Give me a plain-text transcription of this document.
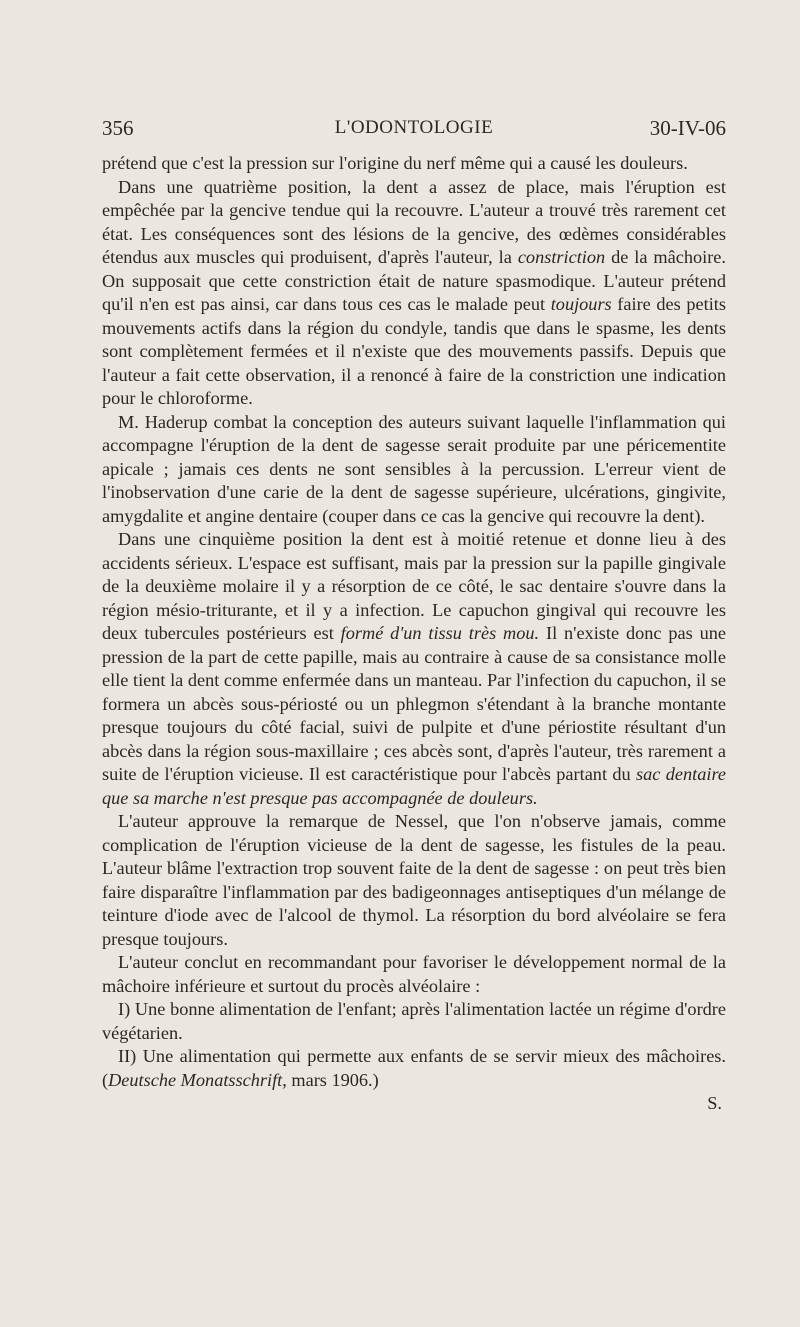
356	L'ODONTOLOGIE	30-IV-06

prétend que c'est la pression sur l'origine du nerf même qui a causé les douleurs.

Dans une quatrième position, la dent a assez de place, mais l'éruption est empêchée par la gencive tendue qui la recouvre. L'auteur a trouvé très rarement cet état. Les conséquences sont des lésions de la gencive, des œdèmes considérables étendus aux muscles qui produisent, d'après l'auteur, la constriction de la mâchoire. On supposait que cette constriction était de nature spasmodique. L'auteur prétend qu'il n'en est pas ainsi, car dans tous ces cas le malade peut toujours faire des petits mouvements actifs dans la région du condyle, tandis que dans le spasme, les dents sont complètement fermées et il n'existe que des mouvements passifs. Depuis que l'auteur a fait cette observation, il a renoncé à faire de la constriction une indication pour le chloroforme.

M. Haderup combat la conception des auteurs suivant laquelle l'inflammation qui accompagne l'éruption de la dent de sagesse serait produite par une péricementite apicale ; jamais ces dents ne sont sensibles à la percussion. L'erreur vient de l'inobservation d'une carie de la dent de sagesse supérieure, ulcérations, gingivite, amygdalite et angine dentaire (couper dans ce cas la gencive qui recouvre la dent).

Dans une cinquième position la dent est à moitié retenue et donne lieu à des accidents sérieux. L'espace est suffisant, mais par la pression sur la papille gingivale de la deuxième molaire il y a résorption de ce côté, le sac dentaire s'ouvre dans la région mésio-triturante, et il y a infection. Le capuchon gingival qui recouvre les deux tubercules postérieurs est formé d'un tissu très mou. Il n'existe donc pas une pression de la part de cette papille, mais au contraire à cause de sa consistance molle elle tient la dent comme enfermée dans un manteau. Par l'infection du capuchon, il se formera un abcès sous-périosté ou un phlegmon s'étendant à la branche montante presque toujours du côté facial, suivi de pulpite et d'une périostite résultant d'un abcès dans la région sous-maxillaire ; ces abcès sont, d'après l'auteur, très rarement a suite de l'éruption vicieuse. Il est caractéristique pour l'abcès partant du sac dentaire que sa marche n'est presque pas accompagnée de douleurs.

L'auteur approuve la remarque de Nessel, que l'on n'observe jamais, comme complication de l'éruption vicieuse de la dent de sagesse, les fistules de la peau. L'auteur blâme l'extraction trop souvent faite de la dent de sagesse : on peut très bien faire disparaître l'inflammation par des badigeonnages antiseptiques d'un mélange de teinture d'iode avec de l'alcool de thymol. La résorption du bord alvéolaire se fera presque toujours.

L'auteur conclut en recommandant pour favoriser le développement normal de la mâchoire inférieure et surtout du procès alvéolaire :

I) Une bonne alimentation de l'enfant; après l'alimentation lactée un régime d'ordre végétarien.

II) Une alimentation qui permette aux enfants de se servir mieux des mâchoires. (Deutsche Monatsschrift, mars 1906.)

S.
